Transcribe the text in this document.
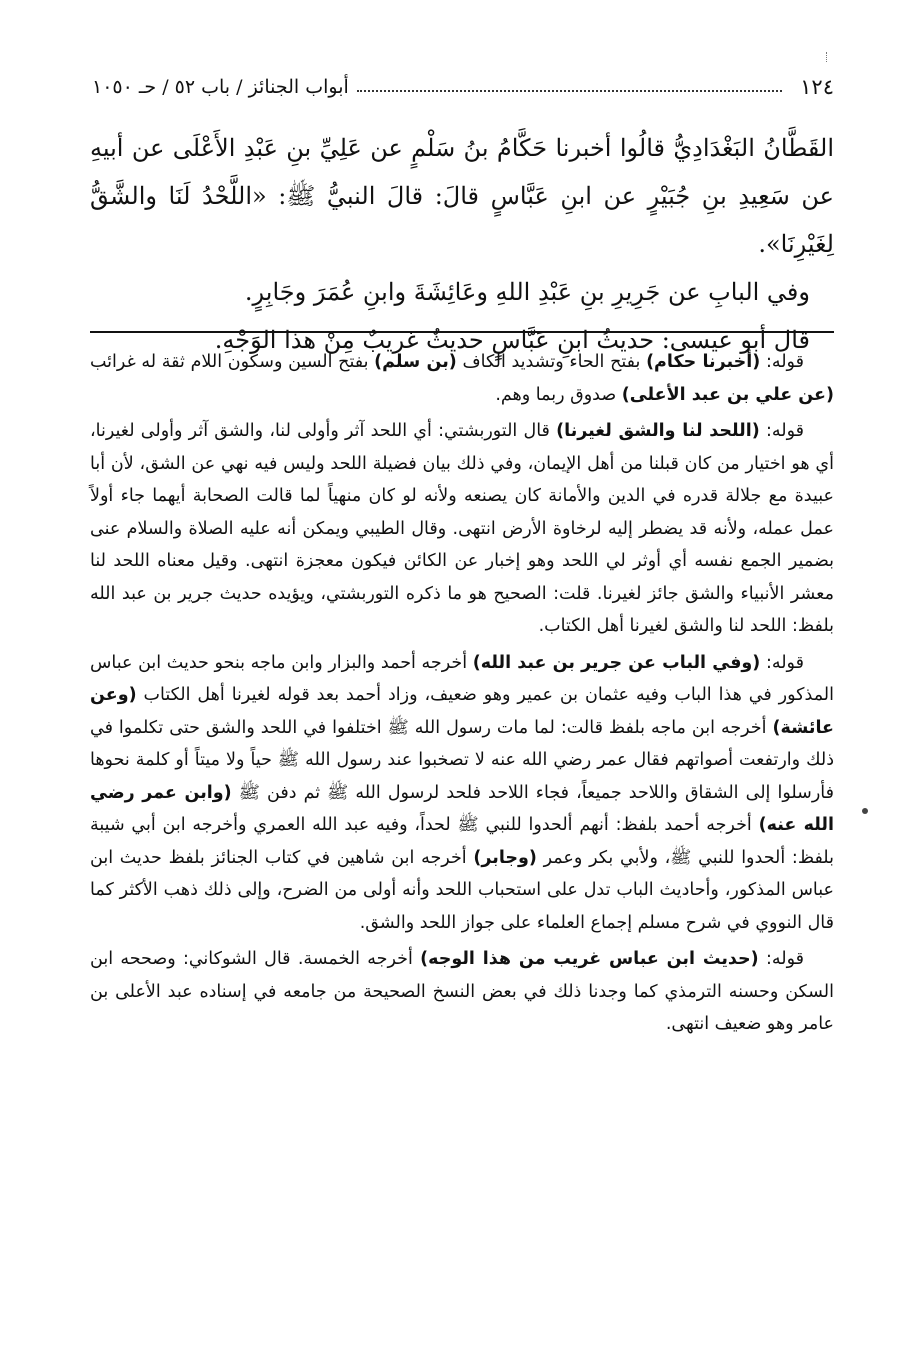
١٢٤
أبواب الجنائز / باب ٥٢ / حـ ١٠٥٠

القَطَّانُ البَغْدَادِيُّ قالُوا أخبرنا حَكَّامُ بنُ سَلْمٍ عن عَلِيِّ بنِ عَبْدِ الأَعْلَى عن أبيهِ عن سَعِيدِ بنِ جُبَيْرٍ عن ابنِ عَبَّاسٍ قالَ: قالَ النبيُّ ﷺ: «اللَّحْدُ لَنَا والشَّقُّ لِغَيْرِنَا».

وفي البابِ عن جَرِيرِ بنِ عَبْدِ اللهِ وعَائِشَةَ وابنِ عُمَرَ وجَابِرٍ.

قال أبو عيسى: حديثُ ابنِ عَبَّاسٍ حديثٌ غريبٌ مِنْ هذا الوَجْهِ.

قوله: (أخبرنا حكام) بفتح الحاء وتشديد الكاف (بن سلم) بفتح السين وسكون اللام ثقة له غرائب (عن علي بن عبد الأعلى) صدوق ربما وهم.

قوله: (اللحد لنا والشق لغيرنا) قال التوربشتي: أي اللحد آثر وأولى لنا، والشق آثر وأولى لغيرنا، أي هو اختيار من كان قبلنا من أهل الإيمان، وفي ذلك بيان فضيلة اللحد وليس فيه نهي عن الشق، لأن أبا عبيدة مع جلالة قدره في الدين والأمانة كان يصنعه ولأنه لو كان منهياً لما قالت الصحابة أيهما جاء أولاً عمل عمله، ولأنه قد يضطر إليه لرخاوة الأرض انتهى. وقال الطيبي ويمكن أنه عليه الصلاة والسلام عنى بضمير الجمع نفسه أي أوثر لي اللحد وهو إخبار عن الكائن فيكون معجزة انتهى. وقيل معناه اللحد لنا معشر الأنبياء والشق جائز لغيرنا. قلت: الصحيح هو ما ذكره التوربشتي، ويؤيده حديث جرير بن عبد الله بلفظ: اللحد لنا والشق لغيرنا أهل الكتاب.

قوله: (وفي الباب عن جرير بن عبد الله) أخرجه أحمد والبزار وابن ماجه بنحو حديث ابن عباس المذكور في هذا الباب وفيه عثمان بن عمير وهو ضعيف، وزاد أحمد بعد قوله لغيرنا أهل الكتاب (وعن عائشة) أخرجه ابن ماجه بلفظ قالت: لما مات رسول الله ﷺ اختلفوا في اللحد والشق حتى تكلموا في ذلك وارتفعت أصواتهم فقال عمر رضي الله عنه لا تصخبوا عند رسول الله ﷺ حياً ولا ميتاً أو كلمة نحوها فأرسلوا إلى الشقاق واللاحد جميعاً، فجاء اللاحد فلحد لرسول الله ﷺ ثم دفن ﷺ (وابن عمر رضي الله عنه) أخرجه أحمد بلفظ: أنهم ألحدوا للنبي ﷺ لحداً، وفيه عبد الله العمري وأخرجه ابن أبي شيبة بلفظ: ألحدوا للنبي ﷺ، ولأبي بكر وعمر (وجابر) أخرجه ابن شاهين في كتاب الجنائز بلفظ حديث ابن عباس المذكور، وأحاديث الباب تدل على استحباب اللحد وأنه أولى من الضرح، وإلى ذلك ذهب الأكثر كما قال النووي في شرح مسلم إجماع العلماء على جواز اللحد والشق.

قوله: (حديث ابن عباس غريب من هذا الوجه) أخرجه الخمسة. قال الشوكاني: وصححه ابن السكن وحسنه الترمذي كما وجدنا ذلك في بعض النسخ الصحيحة من جامعه في إسناده عبد الأعلى بن عامر وهو ضعيف انتهى.
